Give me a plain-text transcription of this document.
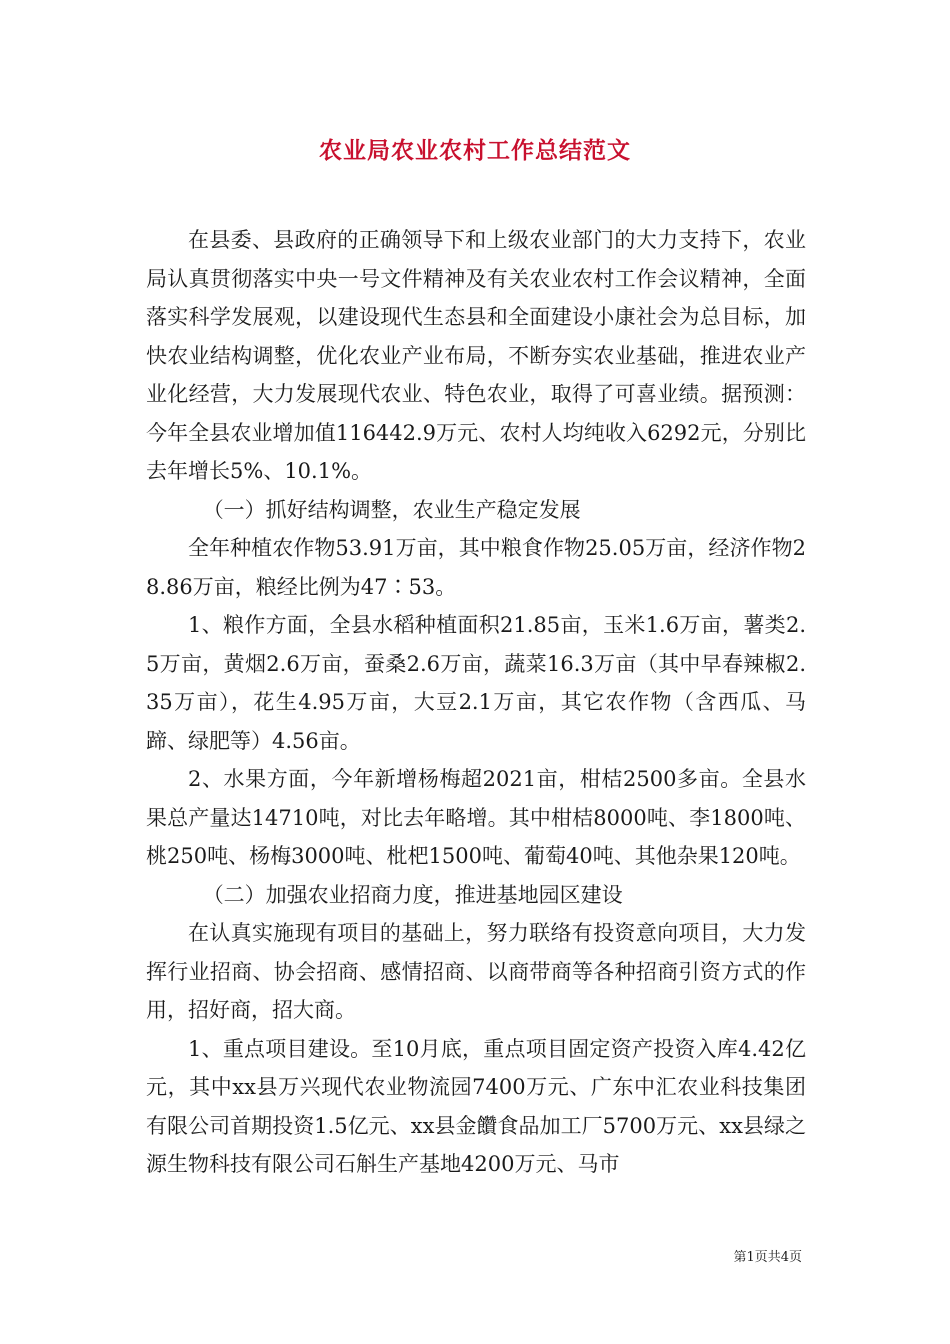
农业局农业农村工作总结范文

在县委、县政府的正确领导下和上级农业部门的大力支持下，农业局认真贯彻落实中央一号文件精神及有关农业农村工作会议精神，全面落实科学发展观，以建设现代生态县和全面建设小康社会为总目标，加快农业结构调整，优化农业产业布局，不断夯实农业基础，推进农业产业化经营，大力发展现代农业、特色农业，取得了可喜业绩。据预测：今年全县农业增加值116442.9万元、农村人均纯收入6292元，分别比去年增长5%、10.1%。

（一）抓好结构调整，农业生产稳定发展

全年种植农作物53.91万亩，其中粮食作物25.05万亩，经济作物28.86万亩，粮经比例为47∶53。

1、粮作方面，全县水稻种植面积21.85亩，玉米1.6万亩，薯类2.5万亩，黄烟2.6万亩，蚕桑2.6万亩，蔬菜16.3万亩（其中早春辣椒2.35万亩），花生4.95万亩，大豆2.1万亩，其它农作物（含西瓜、马蹄、绿肥等）4.56亩。

2、水果方面，今年新增杨梅超2021亩，柑桔2500多亩。全县水果总产量达14710吨，对比去年略增。其中柑桔8000吨、李1800吨、桃250吨、杨梅3000吨、枇杷1500吨、葡萄40吨、其他杂果120吨。

（二）加强农业招商力度，推进基地园区建设

在认真实施现有项目的基础上，努力联络有投资意向项目，大力发挥行业招商、协会招商、感情招商、以商带商等各种招商引资方式的作用，招好商，招大商。

1、重点项目建设。至10月底，重点项目固定资产投资入库4.42亿元，其中xx县万兴现代农业物流园7400万元、广东中汇农业科技集团有限公司首期投资1.5亿元、xx县金饡食品加工厂5700万元、xx县绿之源生物科技有限公司石斛生产基地4200万元、马市

第1页共4页
